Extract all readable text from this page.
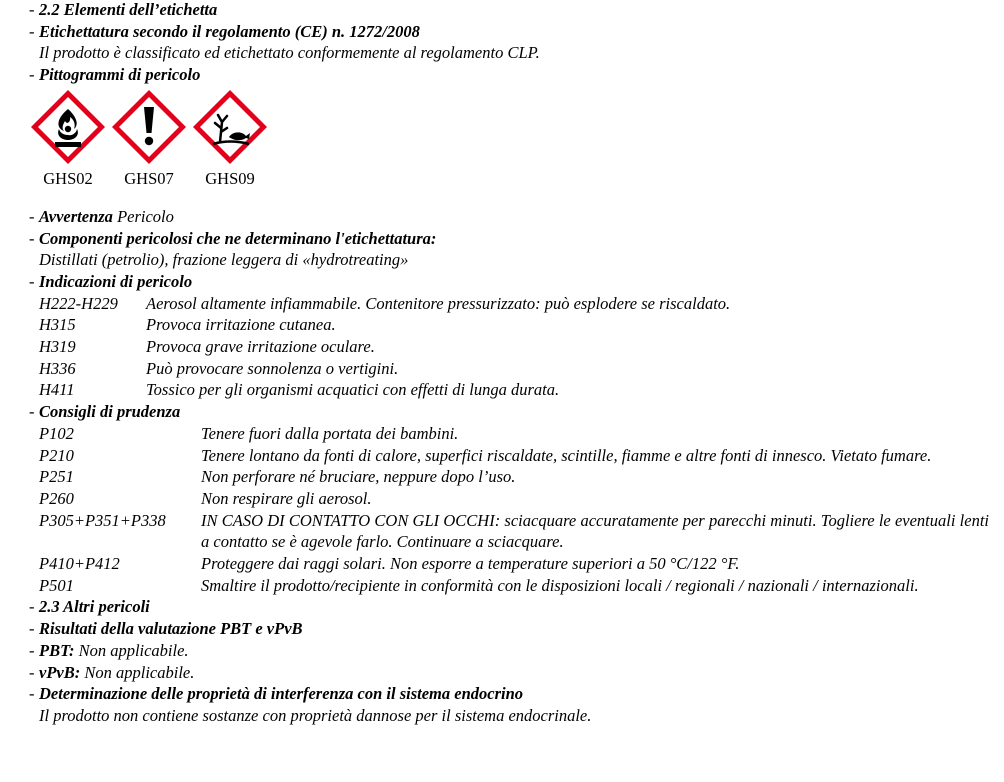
- 2.2 Elementi dell’etichetta
- Etichettatura secondo il regolamento (CE) n. 1272/2008
Il prodotto è classificato ed etichettato conformemente al regolamento CLP.
- Pittogrammi di pericolo
GHS02	GHS07	GHS09
- Avvertenza Pericolo
- Componenti pericolosi che ne determinano l'etichettatura:
Distillati (petrolio), frazione leggera di «hydrotreating»
- Indicazioni di pericolo
H222-H229 Aerosol altamente infiammabile. Contenitore pressurizzato: può esplodere se riscaldato.
H315	Provoca irritazione cutanea.
H319	Provoca grave irritazione oculare.
H336	Può provocare sonnolenza o vertigini.
H411	Tossico per gli organismi acquatici con effetti di lunga durata.
- Consigli di prudenza
P102	Tenere fuori dalla portata dei bambini.
P210	Tenere lontano da fonti di calore, superfici riscaldate, scintille, fiamme e altre fonti di innesco. Vietato fumare.
P251	Non perforare né bruciare, neppure dopo l’uso.
P260	Non respirare gli aerosol.
P305+P351+P338 IN CASO DI CONTATTO CON GLI OCCHI: sciacquare accuratamente per parecchi minuti. Togliere le eventuali lenti a contatto se è agevole farlo. Continuare a sciacquare.
P410+P412	Proteggere dai raggi solari. Non esporre a temperature superiori a 50 °C/122 °F.
P501	Smaltire il prodotto/recipiente in conformità con le disposizioni locali / regionali / nazionali / internazionali.
- 2.3 Altri pericoli
- Risultati della valutazione PBT e vPvB
- PBT: Non applicabile.
- vPvB: Non applicabile.
- Determinazione delle proprietà di interferenza con il sistema endocrino
Il prodotto non contiene sostanze con proprietà dannose per il sistema endocrinale.
